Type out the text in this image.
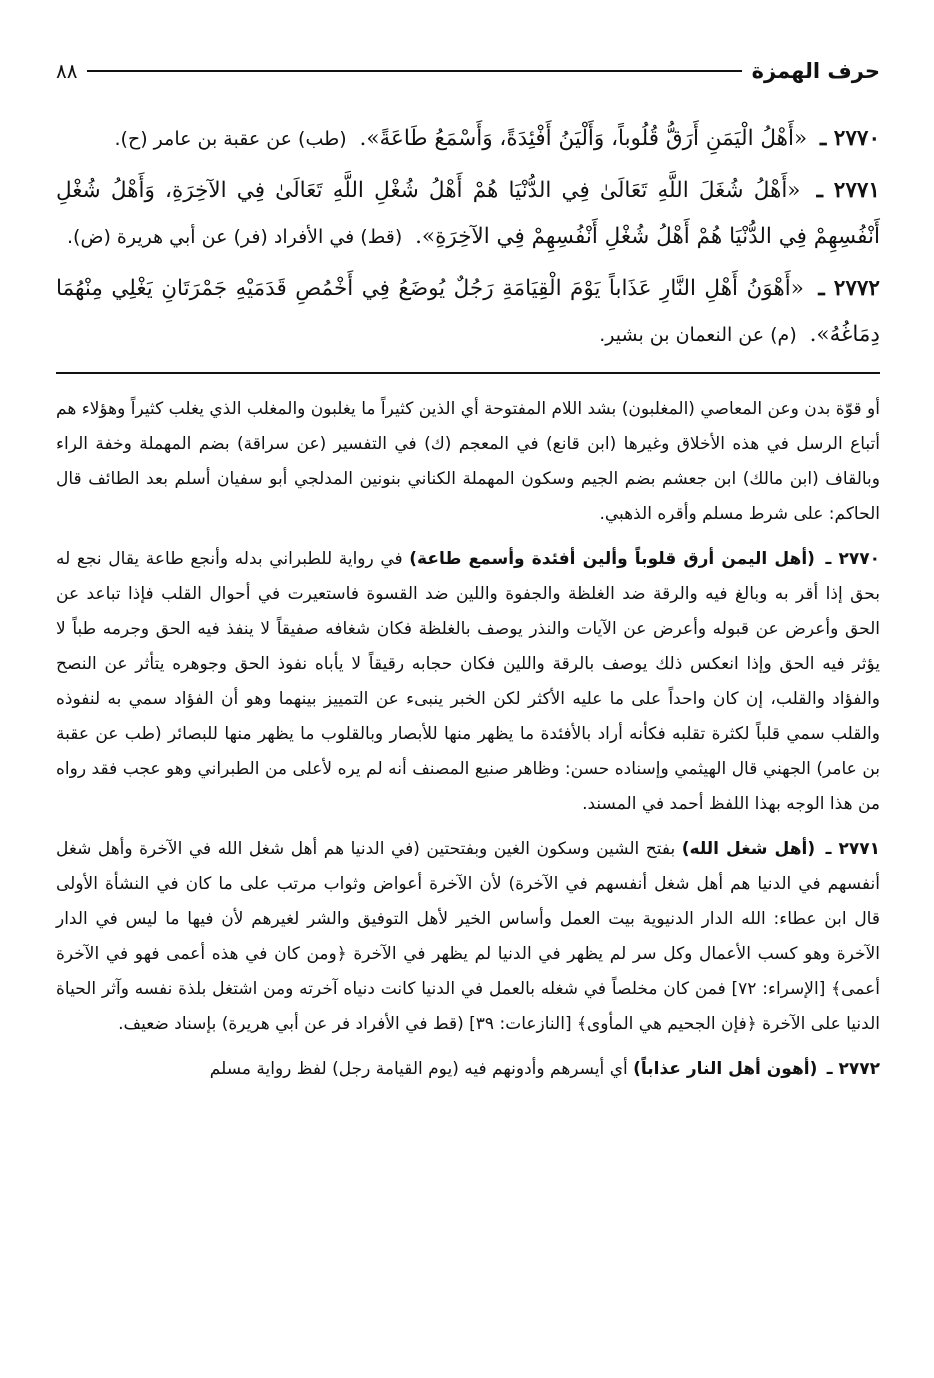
حرف الهمزة
٨٨

٢٧٧٠ ـ «أَهْلُ الْيَمَنِ أَرَقُّ قُلُوباً، وَأَلْيَنُ أَفْئِدَةً، وَأَسْمَعُ طَاعَةً». (طب) عن عقبة بن عامر (ح).

٢٧٧١ ـ «أَهْلُ شُغَلَ اللَّهِ تَعَالَىٰ فِي الدُّنْيَا هُمْ أَهْلُ شُغْلِ اللَّهِ تَعَالَىٰ فِي الآخِرَةِ، وَأَهْلُ شُغْلِ أَنْفُسِهِمْ فِي الدُّنْيَا هُمْ أَهْلُ شُغْلِ أَنْفُسِهِمْ فِي الآخِرَةِ». (قط) في الأفراد (فر) عن أبي هريرة (ض).

٢٧٧٢ ـ «أَهْوَنُ أَهْلِ النَّارِ عَذَاباً يَوْمَ الْقِيَامَةِ رَجُلٌ يُوضَعُ فِي أَخْمُصِ قَدَمَيْهِ جَمْرَتَانِ يَغْلِي مِنْهُمَا دِمَاغُهُ». (م) عن النعمان بن بشير.

أو قوّة بدن وعن المعاصي (المغلبون) بشد اللام المفتوحة أي الذين كثيراً ما يغلبون والمغلب الذي يغلب كثيراً وهؤلاء هم أتباع الرسل في هذه الأخلاق وغيرها (ابن قانع) في المعجم (ك) في التفسير (عن سراقة) بضم المهملة وخفة الراء وبالقاف (ابن مالك) ابن جعشم بضم الجيم وسكون المهملة الكناني بنونين المدلجي أبو سفيان أسلم بعد الطائف قال الحاكم: على شرط مسلم وأقره الذهبي.

٢٧٧٠ ـ (أهل اليمن أرق قلوباً وألين أفئدة وأسمع طاعة) في رواية للطبراني بدله وأنجع طاعة يقال نجع له بحق إذا أقر به وبالغ فيه والرقة ضد الغلظة والجفوة واللين ضد القسوة فاستعيرت في أحوال القلب فإذا تباعد عن الحق وأعرض عن قبوله وأعرض عن الآيات والنذر يوصف بالغلظة فكان شغافه صفيقاً لا ينفذ فيه الحق وجرمه طباً لا يؤثر فيه الحق وإذا انعكس ذلك يوصف بالرقة واللين فكان حجابه رقيقاً لا يأباه نفوذ الحق وجوهره يتأثر عن النصح والفؤاد والقلب، إن كان واحداً على ما عليه الأكثر لكن الخبر ينبىء عن التمييز بينهما وهو أن الفؤاد سمي به لنفوذه والقلب سمي قلباً لكثرة تقلبه فكأنه أراد بالأفئدة ما يظهر منها للأبصار وبالقلوب ما يظهر منها للبصائر (طب عن عقبة بن عامر) الجهني قال الهيثمي وإسناده حسن: وظاهر صنيع المصنف أنه لم يره لأعلى من الطبراني وهو عجب فقد رواه من هذا الوجه بهذا اللفظ أحمد في المسند.

٢٧٧١ ـ (أهل شغل الله) بفتح الشين وسكون الغين وبفتحتين (في الدنيا هم أهل شغل الله في الآخرة وأهل شغل أنفسهم في الدنيا هم أهل شغل أنفسهم في الآخرة) لأن الآخرة أعواض وثواب مرتب على ما كان في النشأة الأولى قال ابن عطاء: الله الدار الدنيوية بيت العمل وأساس الخير لأهل التوفيق والشر لغيرهم لأن فيها ما ليس في الدار الآخرة وهو كسب الأعمال وكل سر لم يظهر في الدنيا لم يظهر في الآخرة ﴿ومن كان في هذه أعمى فهو في الآخرة أعمى﴾ [الإسراء: ٧٢] فمن كان مخلصاً في شغله بالعمل في الدنيا كانت دنياه آخرته ومن اشتغل بلذة نفسه وآثر الحياة الدنيا على الآخرة ﴿فإن الجحيم هي المأوى﴾ [النازعات: ٣٩] (قط في الأفراد فر عن أبي هريرة) بإسناد ضعيف.

٢٧٧٢ ـ (أهون أهل النار عذاباً) أي أيسرهم وأدونهم فيه (يوم القيامة رجل) لفظ رواية مسلم
